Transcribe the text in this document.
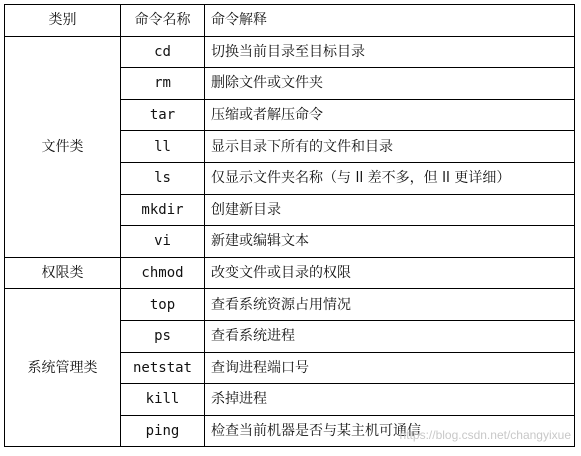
类别	命令名称	命令解释
文件类	cd	切换当前目录至目标目录
	rm	删除文件或文件夹
	tar	压缩或者解压命令
	ll	显示目录下所有的文件和目录
	ls	仅显示文件夹名称（与 ll 差不多，但 ll 更详细）
	mkdir	创建新目录
	vi	新建或编辑文本
权限类	chmod	改变文件或目录的权限
系统管理类	top	查看系统资源占用情况
	ps	查看系统进程
	netstat	查询进程端口号
	kill	杀掉进程
	ping	检查当前机器是否与某主机可通信
https://blog.csdn.net/changyixue
